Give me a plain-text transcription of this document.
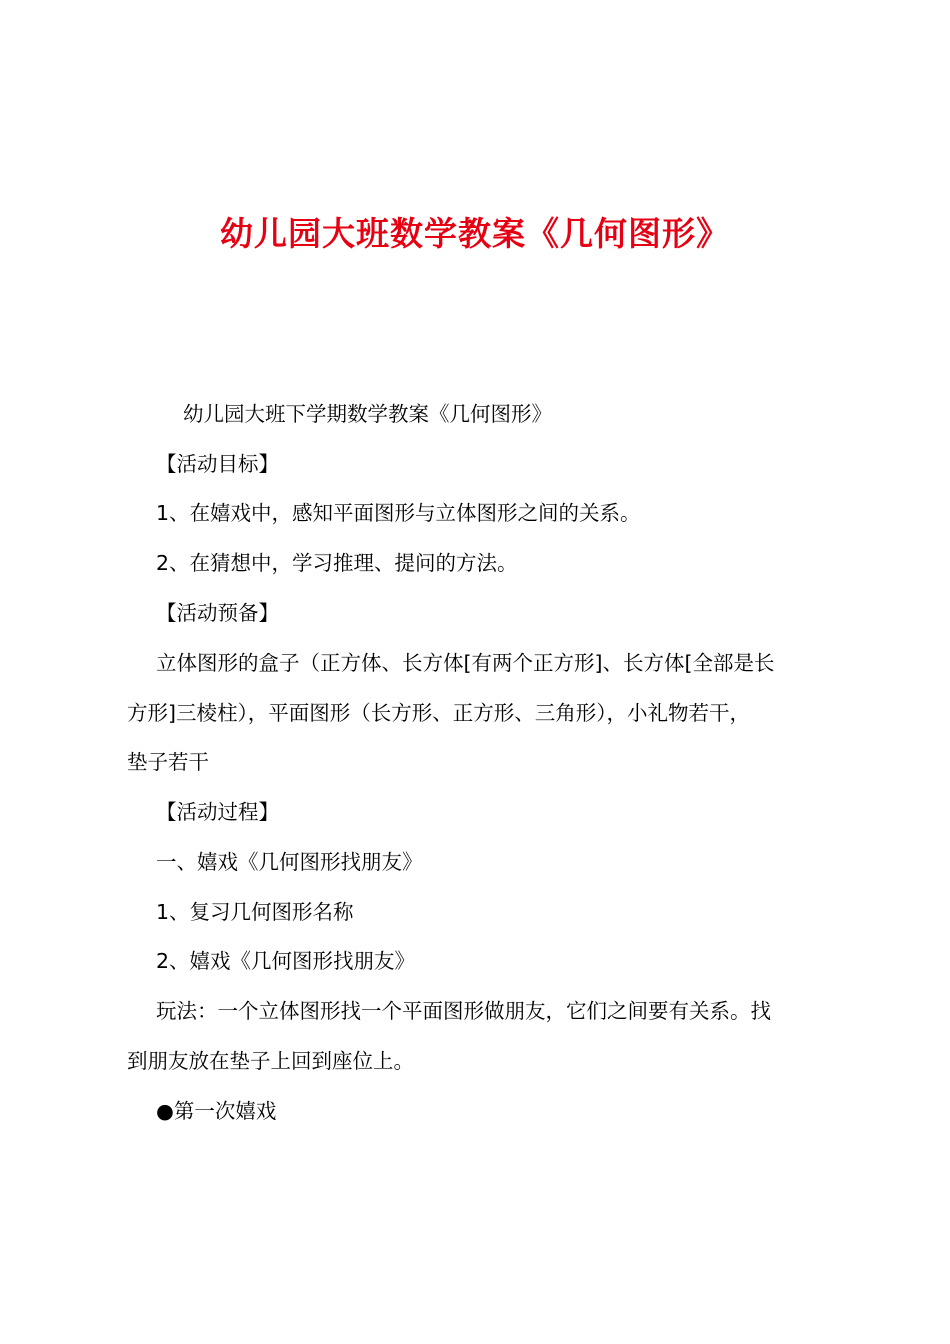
幼儿园大班数学教案《几何图形》
幼儿园大班下学期数学教案《几何图形》
【活动目标】
1、在嬉戏中，感知平面图形与立体图形之间的关系。
2、在猜想中，学习推理、提问的方法。
【活动预备】
立体图形的盒子（正方体、长方体[有两个正方形]、长方体[全部是长
方形]三棱柱），平面图形（长方形、正方形、三角形），小礼物若干，
垫子若干
【活动过程】
一、嬉戏《几何图形找朋友》
1、复习几何图形名称
2、嬉戏《几何图形找朋友》
玩法：一个立体图形找一个平面图形做朋友，它们之间要有关系。找
到朋友放在垫子上回到座位上。
●第一次嬉戏
